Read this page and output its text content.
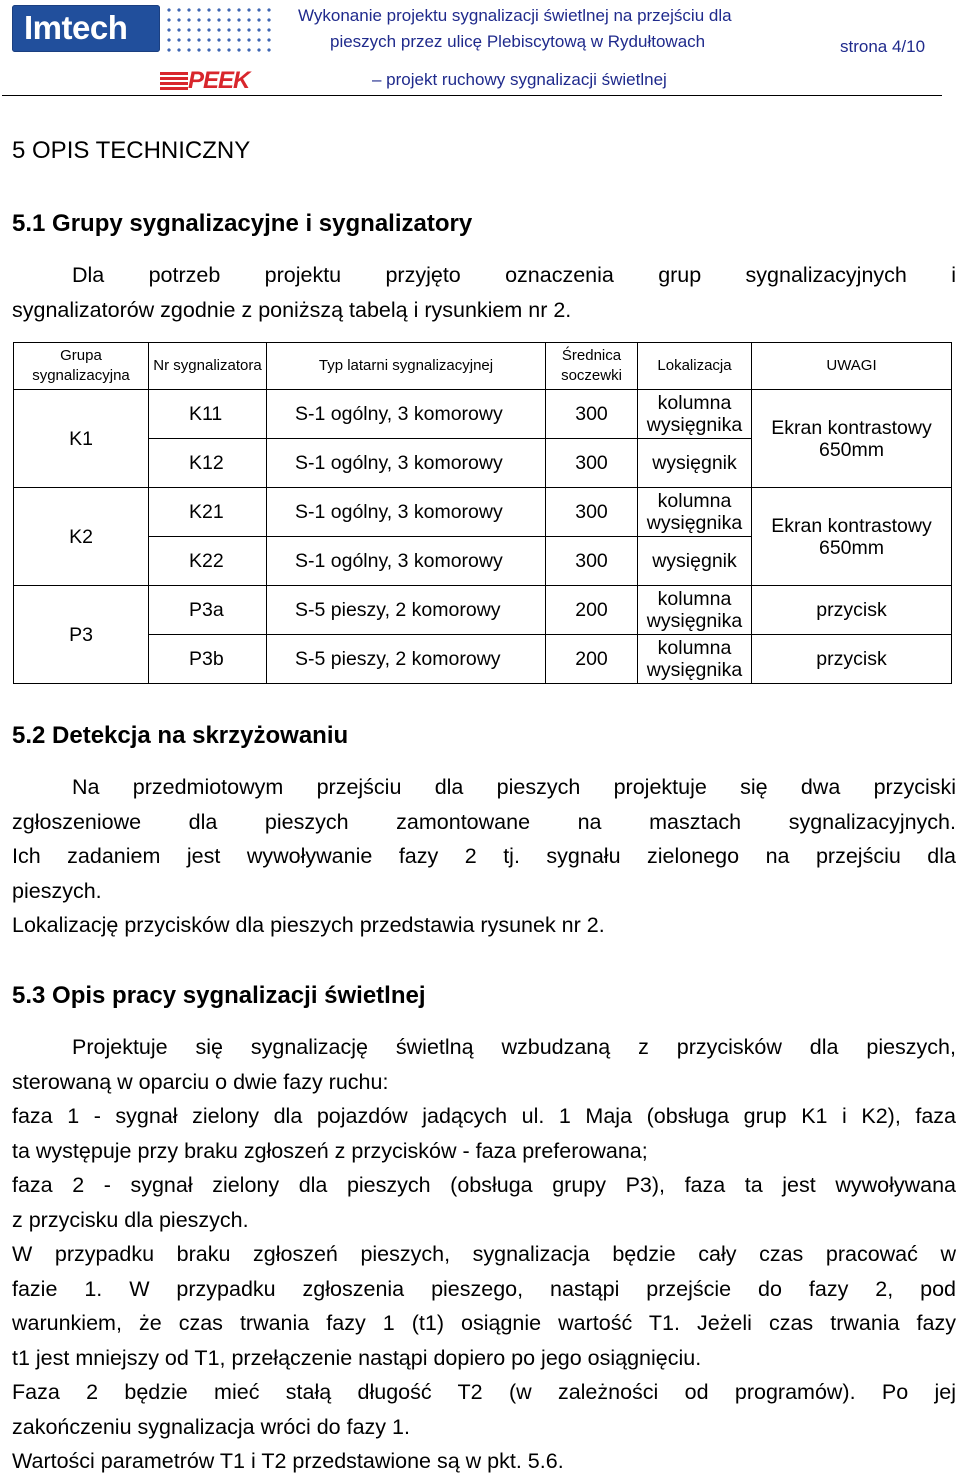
Imtech
PEEK
Wykonanie projektu sygnalizacji świetlnej na przejściu dla
pieszych przez ulicę Plebiscytową w Rydułtowach	strona 4/10
– projekt ruchowy sygnalizacji świetlnej
5 OPIS TECHNICZNY
5.1 Grupy sygnalizacyjne i sygnalizatory
Dla potrzeb projektu przyjęto oznaczenia grup sygnalizacyjnych i
sygnalizatorów zgodnie z poniższą tabelą i rysunkiem nr 2.
Grupa sygnalizacyjna	Nr sygnalizatora	Typ latarni sygnalizacyjnej	Średnica soczewki	Lokalizacja	UWAGI
K1	K11	S-1 ogólny, 3 komorowy	300	kolumna wysięgnika	Ekran kontrastowy 650mm
	K12	S-1 ogólny, 3 komorowy	300	wysięgnik	
K2	K21	S-1 ogólny, 3 komorowy	300	kolumna wysięgnika	Ekran kontrastowy 650mm
	K22	S-1 ogólny, 3 komorowy	300	wysięgnik	
P3	P3a	S-5 pieszy, 2 komorowy	200	kolumna wysięgnika	przycisk
	P3b	S-5 pieszy, 2 komorowy	200	kolumna wysięgnika	przycisk
5.2 Detekcja na skrzyżowaniu
Na przedmiotowym przejściu dla pieszych projektuje się dwa przyciski
zgłoszeniowe dla pieszych zamontowane na masztach sygnalizacyjnych.
Ich zadaniem jest wywoływanie fazy 2 tj. sygnału zielonego na przejściu dla
pieszych.
Lokalizację przycisków dla pieszych przedstawia rysunek nr 2.
5.3 Opis pracy sygnalizacji świetlnej
Projektuje się sygnalizację świetlną wzbudzaną z przycisków dla pieszych,
sterowaną w oparciu o dwie fazy ruchu:
faza 1 - sygnał zielony dla pojazdów jadących ul. 1 Maja (obsługa grup K1 i K2), faza
ta występuje przy braku zgłoszeń z przycisków - faza preferowana;
faza 2 - sygnał zielony dla pieszych (obsługa grupy P3), faza ta jest wywoływana
z przycisku dla pieszych.
W przypadku braku zgłoszeń pieszych, sygnalizacja będzie cały czas pracować w
fazie 1. W przypadku zgłoszenia pieszego, nastąpi przejście do fazy 2, pod
warunkiem, że czas trwania fazy 1 (t1) osiągnie wartość T1. Jeżeli czas trwania fazy
t1 jest mniejszy od T1, przełączenie nastąpi dopiero po jego osiągnięciu.
Faza 2 będzie mieć stałą długość T2 (w zależności od programów). Po jej
zakończeniu sygnalizacja wróci do fazy 1.
Wartości parametrów T1 i T2 przedstawione są w pkt. 5.6.
